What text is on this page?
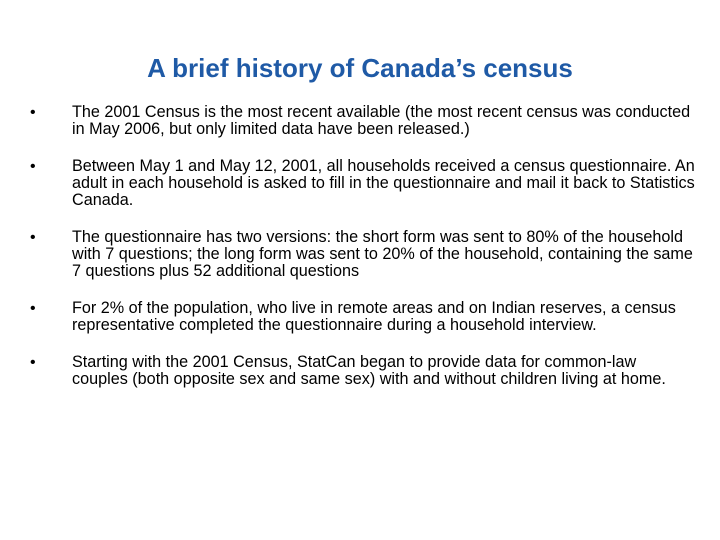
A brief history of Canada’s census
•	The 2001 Census is the most recent available (the most recent census was conducted in May 2006, but only limited data have been released.)
•	Between May 1 and May 12, 2001, all households received a census questionnaire. An adult in each household is asked to fill in the questionnaire and mail it back to Statistics Canada.
•	The questionnaire has two versions: the short form was sent to 80% of the household with 7 questions; the long form was sent to 20% of the household, containing the same 7 questions plus 52 additional questions
•	For 2% of the population, who live in remote areas and on Indian reserves, a census representative completed the questionnaire during a household interview.
•	Starting with the 2001 Census, StatCan began to provide data for common-law couples (both opposite sex and same sex) with and without children living at home.
